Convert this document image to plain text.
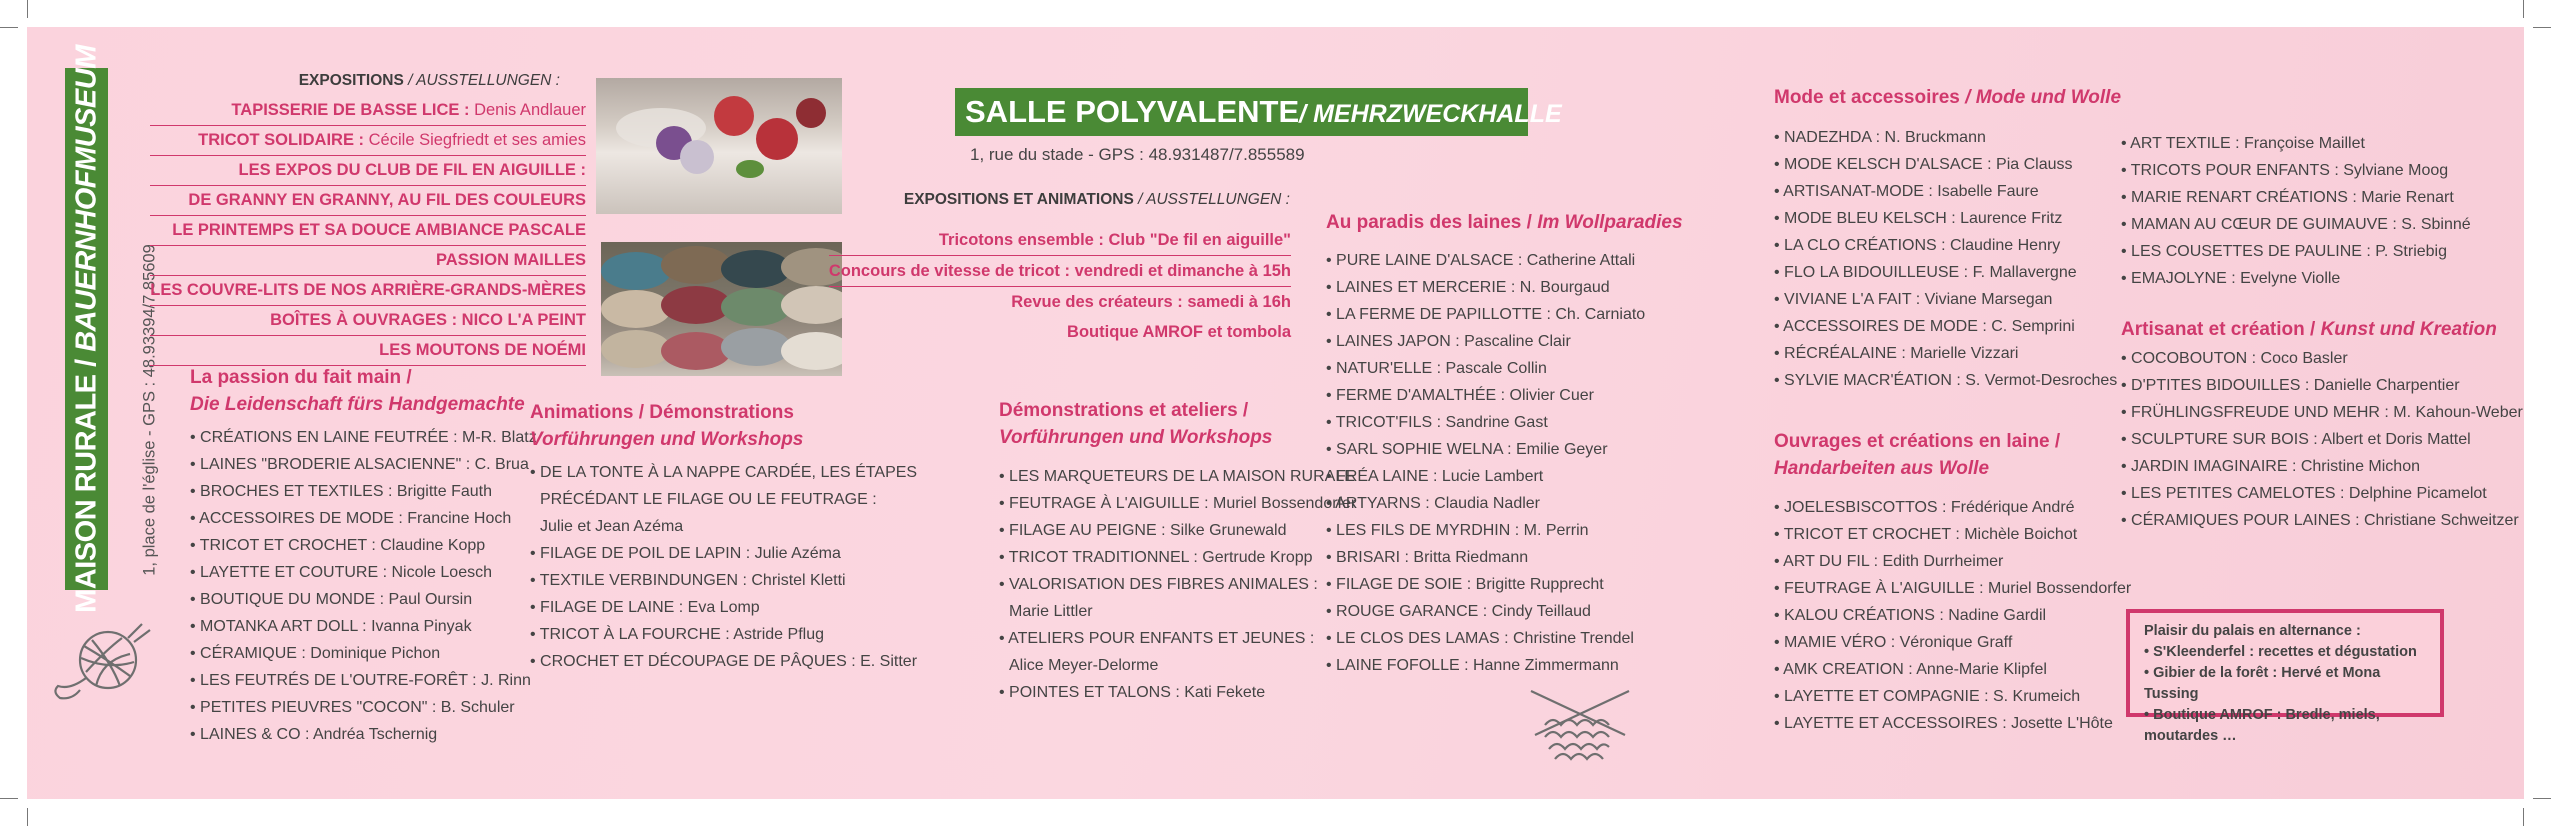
MAISON RURALE / BAUERNHOFMUSEUM
1, place de l'église - GPS : 48.93394/7.85609
EXPOSITIONS / AUSSTELLUNGEN :
TAPISSERIE DE BASSE LICE : Denis Andlauer
TRICOT SOLIDAIRE : Cécile Siegfriedt et ses amies
LES EXPOS DU CLUB DE FIL EN AIGUILLE :
DE GRANNY EN GRANNY, AU FIL DES COULEURS
LE PRINTEMPS ET SA DOUCE AMBIANCE PASCALE
PASSION MAILLES
LES COUVRE-LITS DE NOS ARRIÈRE-GRANDS-MÈRES
BOÎTES À OUVRAGES : NICO L'A PEINT
LES MOUTONS DE NOÉMI
La passion du fait main /
Die Leidenschaft fürs Handgemachte
• CRÉATIONS EN LAINE FEUTRÉE : M-R. Blatz
• LAINES "BRODERIE ALSACIENNE" : C. Brua
• BROCHES ET TEXTILES : Brigitte Fauth
• ACCESSOIRES DE MODE : Francine Hoch
• TRICOT ET CROCHET : Claudine Kopp
• LAYETTE ET COUTURE : Nicole Loesch
• BOUTIQUE DU MONDE : Paul Oursin
• MOTANKA ART DOLL : Ivanna Pinyak
• CÉRAMIQUE : Dominique Pichon
• LES FEUTRÉS DE L'OUTRE-FORÊT : J. Rinn
• PETITES PIEUVRES "COCON" : B. Schuler
• LAINES & CO : Andréa Tschernig
Animations / Démonstrations
Vorführungen und Workshops
• DE LA TONTE À LA NAPPE CARDÉE, LES ÉTAPES
PRÉCÉDANT LE FILAGE OU LE FEUTRAGE :
Julie et Jean Azéma
• FILAGE DE POIL DE LAPIN : Julie Azéma
• TEXTILE VERBINDUNGEN : Christel Kletti
• FILAGE DE LAINE : Eva Lomp
• TRICOT À LA FOURCHE : Astride Pflug
• CROCHET ET DÉCOUPAGE DE PÂQUES : E. Sitter
SALLE POLYVALENTE/ MEHRZWECKHALLE
1, rue du stade - GPS : 48.931487/7.855589
EXPOSITIONS ET ANIMATIONS / AUSSTELLUNGEN :
Tricotons ensemble : Club "De fil en aiguille"
Concours de vitesse de tricot : vendredi et dimanche à 15h
Revue des créateurs : samedi à 16h
Boutique AMROF et tombola
Démonstrations et ateliers /
Vorführungen und Workshops
• LES MARQUETEURS DE LA MAISON RURALE
• FEUTRAGE À L'AIGUILLE : Muriel Bossendorfer
• FILAGE AU PEIGNE : Silke Grunewald
• TRICOT TRADITIONNEL : Gertrude Kropp
• VALORISATION DES FIBRES ANIMALES :
Marie Littler
• ATELIERS POUR ENFANTS ET JEUNES :
Alice Meyer-Delorme
• POINTES ET TALONS : Kati Fekete
Au paradis des laines / Im Wollparadies
• PURE LAINE D'ALSACE : Catherine Attali
• LAINES ET MERCERIE : N. Bourgaud
• LA FERME DE PAPILLOTTE : Ch. Carniato
• LAINES JAPON : Pascaline Clair
• NATUR'ELLE : Pascale Collin
• FERME D'AMALTHÉE : Olivier Cuer
• TRICOT'FILS : Sandrine Gast
• SARL SOPHIE WELNA : Emilie Geyer
• FRÉA LAINE : Lucie Lambert
• ARTYARNS : Claudia Nadler
• LES FILS DE MYRDHIN : M. Perrin
• BRISARI : Britta Riedmann
• FILAGE DE SOIE : Brigitte Rupprecht
• ROUGE GARANCE : Cindy Teillaud
• LE CLOS DES LAMAS : Christine Trendel
• LAINE FOFOLLE : Hanne Zimmermann
Mode et accessoires / Mode und Wolle
• NADEZHDA : N. Bruckmann
• MODE KELSCH D'ALSACE : Pia Clauss
• ARTISANAT-MODE : Isabelle Faure
• MODE BLEU KELSCH : Laurence Fritz
• LA CLO CRÉATIONS : Claudine Henry
• FLO LA BIDOUILLEUSE : F. Mallavergne
• VIVIANE L'A FAIT : Viviane Marsegan
• ACCESSOIRES DE MODE : C. Semprini
• RÉCRÉALAINE : Marielle Vizzari
• SYLVIE MACR'ÉATION : S. Vermot-Desroches
Ouvrages et créations en laine /
Handarbeiten aus Wolle
• JOELESBISCOTTOS : Frédérique André
• TRICOT ET CROCHET : Michèle Boichot
• ART DU FIL : Edith Durrheimer
• FEUTRAGE À L'AIGUILLE : Muriel Bossendorfer
• KALOU CRÉATIONS : Nadine Gardil
• MAMIE VÉRO : Véronique Graff
• AMK CREATION : Anne-Marie Klipfel
• LAYETTE ET COMPAGNIE : S. Krumeich
• LAYETTE ET ACCESSOIRES : Josette L'Hôte
• ART TEXTILE : Françoise Maillet
• TRICOTS POUR ENFANTS : Sylviane Moog
• MARIE RENART CRÉATIONS : Marie Renart
• MAMAN AU CŒUR DE GUIMAUVE : S. Sbinné
• LES COUSETTES DE PAULINE : P. Striebig
• EMAJOLYNE : Evelyne Violle
Artisanat et création / Kunst und Kreation
• COCOBOUTON : Coco Basler
• D'PTITES BIDOUILLES : Danielle Charpentier
• FRÜHLINGSFREUDE UND MEHR : M. Kahoun-Weber
• SCULPTURE SUR BOIS : Albert et Doris Mattel
• JARDIN IMAGINAIRE : Christine Michon
• LES PETITES CAMELOTES : Delphine Picamelot
• CÉRAMIQUES POUR LAINES : Christiane Schweitzer
Plaisir du palais en alternance :
• S'Kleenderfel : recettes et dégustation
• Gibier de la forêt : Hervé et Mona Tussing
• Boutique AMROF : Bredle, miels, moutardes …
